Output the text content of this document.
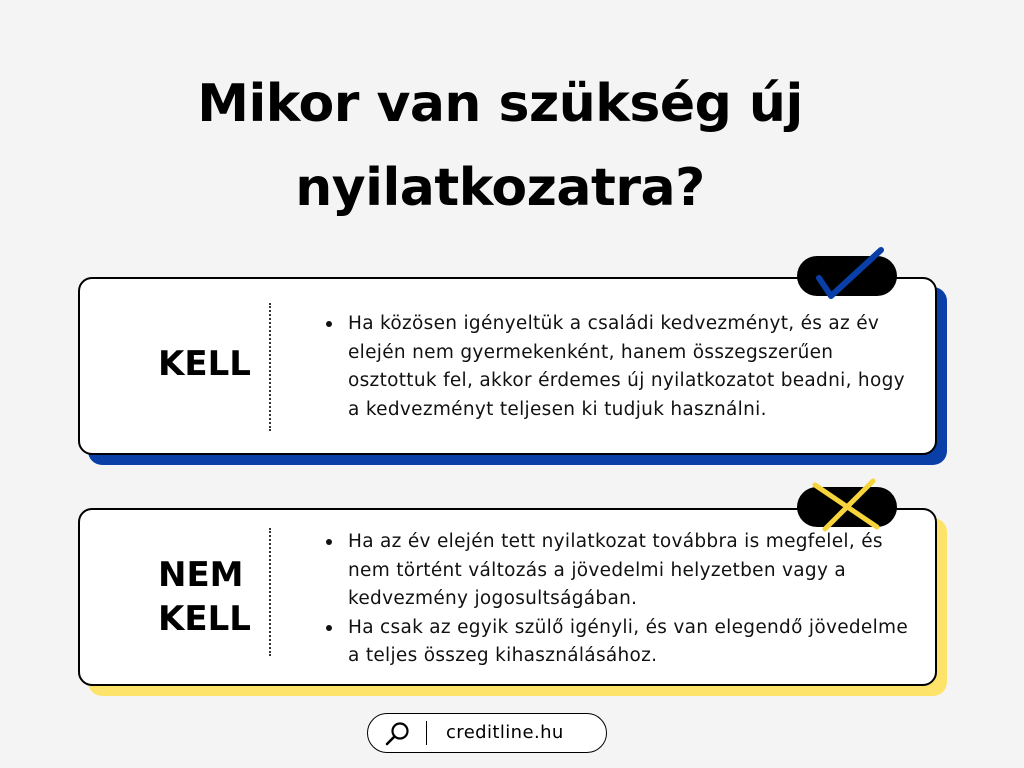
Mikor van szükség új
nyilatkozatra?
KELL
Ha közösen igényeltük a családi kedvezményt, és az év elején nem gyermekenként, hanem összegszerűen osztottuk fel, akkor érdemes új nyilatkozatot beadni, hogy a kedvezményt teljesen ki tudjuk használni.
NEM
KELL
Ha az év elején tett nyilatkozat továbbra is megfelel, és nem történt változás a jövedelmi helyzetben vagy a kedvezmény jogosultságában.
Ha csak az egyik szülő igényli, és van elegendő jövedelme a teljes összeg kihasználásához.
creditline.hu
